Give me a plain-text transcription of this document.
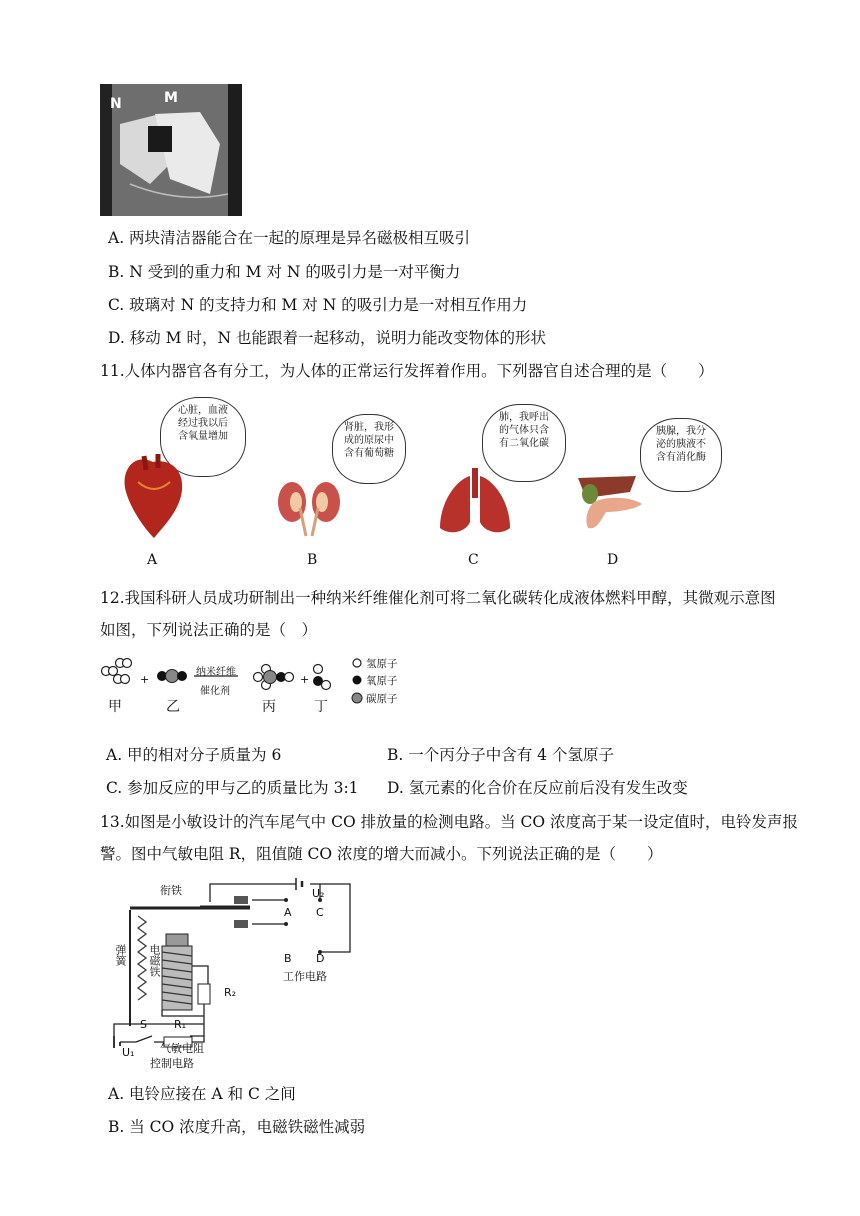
N	M
A. 两块清洁器能合在一起的原理是异名磁极相互吸引
B. N 受到的重力和 M 对 N 的吸引力是一对平衡力
C. 玻璃对 N 的支持力和 M 对 N 的吸引力是一对相互作用力
D. 移动 M 时，N 也能跟着一起移动，说明力能改变物体的形状
11.人体内器官各有分工，为人体的正常运行发挥着作用。下列器官自述合理的是（　　）
心脏，血液
经过我以后
含氧量增加
A
肾脏，我形
成的原尿中
含有葡萄糖
B
肺，我呼出
的气体只含
有二氧化碳
C
胰腺，我分
泌的胰液不
含有消化酶
D
12.我国科研人员成功研制出一种纳米纤维催化剂可将二氧化碳转化成液体燃料甲醇，其微观示意图
如图，下列说法正确的是（　）
+	+
纳米纤维
催化剂
甲	乙	丙	丁
氢原子
氧原子
碳原子
A. 甲的相对分子质量为 6	B. 一个丙分子中含有 4 个氢原子
C. 参加反应的甲与乙的质量比为 3:1 D. 氢元素的化合价在反应前后没有发生改变
13.如图是小敏设计的汽车尾气中 CO 排放量的检测电路。当 CO 浓度高于某一设定值时，电铃发声报
警。图中气敏电阻 R，阻值随 CO 浓度的增大而减小。下列说法正确的是（　　）
衔铁	U₂
A C
B D
工作电路
弹簧 电磁铁
R₂
S R₁
U₁ 气敏电阻
控制电路
A. 电铃应接在 A 和 C 之间
B. 当 CO 浓度升高，电磁铁磁性减弱
